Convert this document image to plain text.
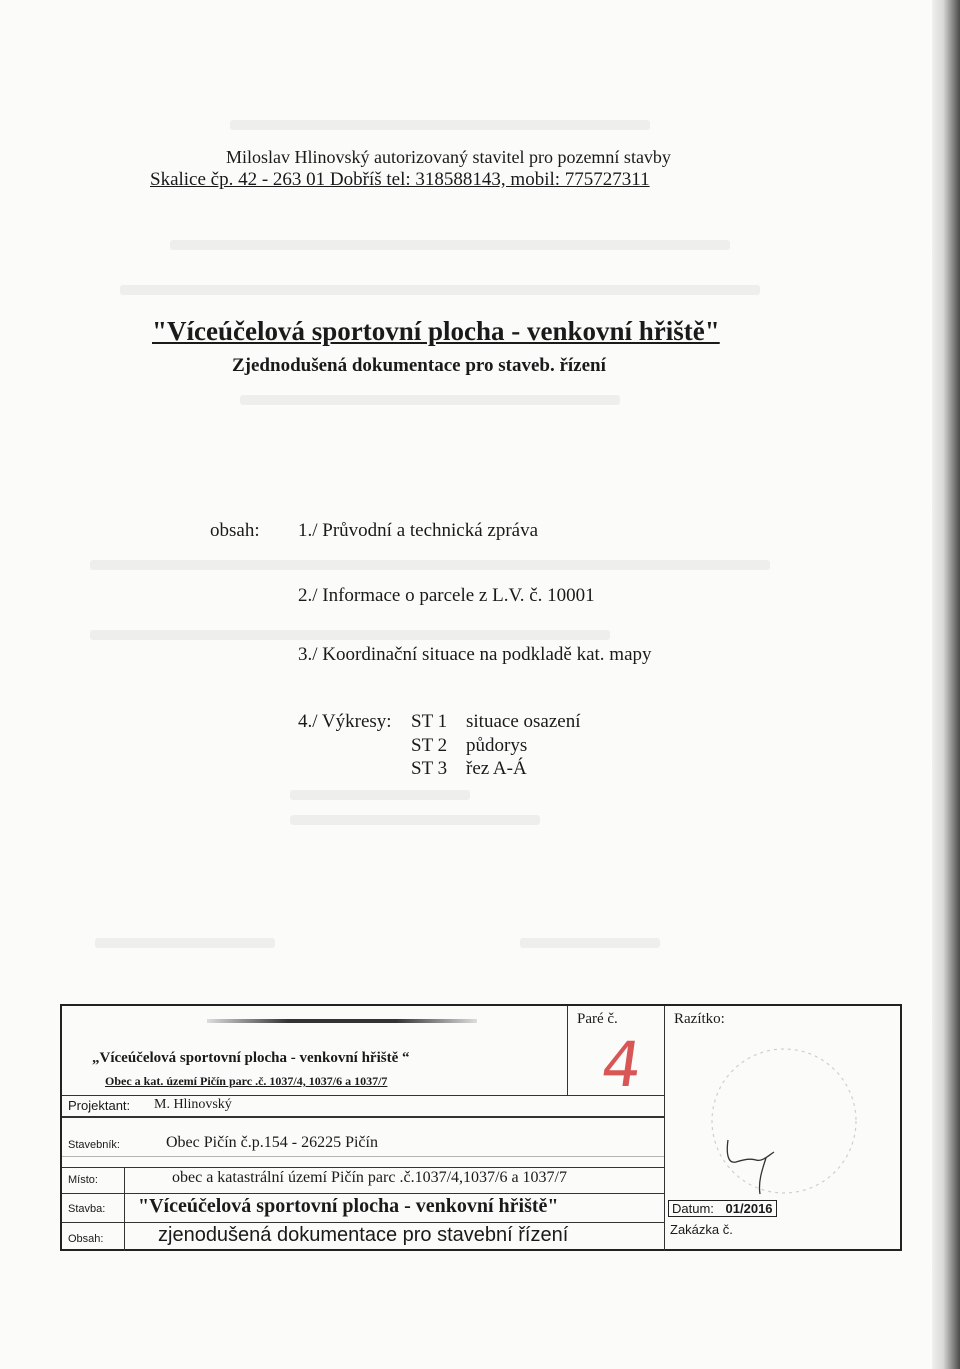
Miloslav Hlinovský autorizovaný stavitel pro pozemní stavby
Skalice čp. 42 - 263 01 Dobříš tel: 318588143, mobil: 775727311
"Víceúčelová sportovní plocha - venkovní hřiště"
Zjednodušená dokumentace pro staveb. řízení
obsah: 1./ Průvodní a technická zpráva
2./ Informace o parcele z L.V. č. 10001
3./ Koordinační situace na podkladě kat. mapy
4./ Výkresy: ST 1 situace osazení
ST 2 půdorys
ST 3 řez A-Á
Paré č.
4
Razítko:
„Víceúčelová sportovní plocha - venkovní hřiště “
Obec a kat. území Pičín parc .č. 1037/4, 1037/6 a 1037/7
Projektant: M. Hlinovský
Stavebník:	Obec Pičín č.p.154 - 26225 Pičín
Místo:	obec a katastrální území Pičín parc .č.1037/4,1037/6 a 1037/7
Stavba: "Víceúčelová sportovní plocha - venkovní hřiště"
Obsah:	zjenodušená dokumentace pro stavební řízení
Datum: 01/2016
Zakázka č.
